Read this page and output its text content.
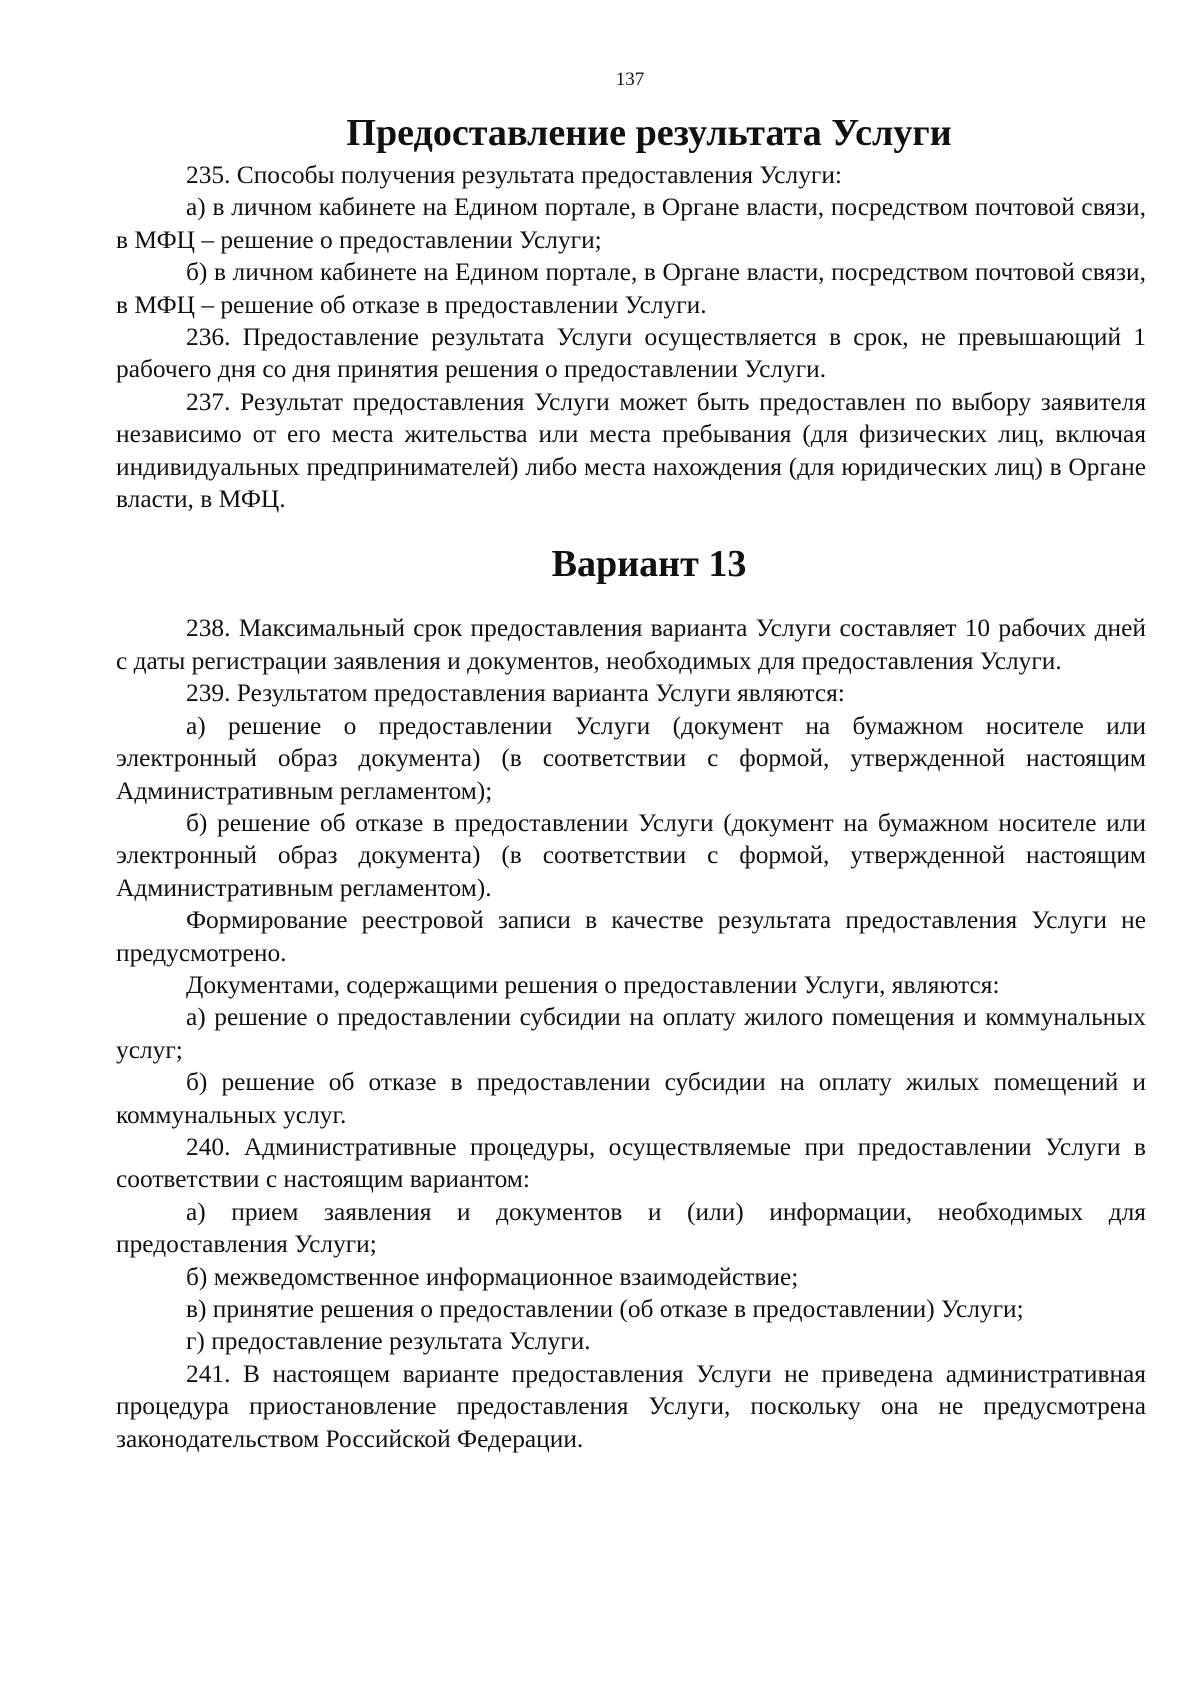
137
Предоставление результата Услуги

235. Способы получения результата предоставления Услуги:

а) в личном кабинете на Едином портале, в Органе власти, посредством почтовой связи, в МФЦ – решение о предоставлении Услуги;

б) в личном кабинете на Едином портале, в Органе власти, посредством почтовой связи, в МФЦ – решение об отказе в предоставлении Услуги.

236. Предоставление результата Услуги осуществляется в срок, не превышающий 1 рабочего дня со дня принятия решения о предоставлении Услуги.

237. Результат предоставления Услуги может быть предоставлен по выбору заявителя независимо от его места жительства или места пребывания (для физических лиц, включая индивидуальных предпринимателей) либо места нахождения (для юридических лиц) в Органе власти, в МФЦ.

Вариант 13

238. Максимальный срок предоставления варианта Услуги составляет 10 рабочих дней с даты регистрации заявления и документов, необходимых для предоставления Услуги.

239. Результатом предоставления варианта Услуги являются:

а) решение о предоставлении Услуги (документ на бумажном носителе или электронный образ документа) (в соответствии с формой, утвержденной настоящим Административным регламентом);

б) решение об отказе в предоставлении Услуги (документ на бумажном носителе или электронный образ документа) (в соответствии с формой, утвержденной настоящим Административным регламентом).

Формирование реестровой записи в качестве результата предоставления Услуги не предусмотрено.

Документами, содержащими решения о предоставлении Услуги, являются:

а) решение о предоставлении субсидии на оплату жилого помещения и коммунальных услуг;

б) решение об отказе в предоставлении субсидии на оплату жилых помещений и коммунальных услуг.

240. Административные процедуры, осуществляемые при предоставлении Услуги в соответствии с настоящим вариантом:

а) прием заявления и документов и (или) информации, необходимых для предоставления Услуги;

б) межведомственное информационное взаимодействие;

в) принятие решения о предоставлении (об отказе в предоставлении) Услуги;

г) предоставление результата Услуги.

241. В настоящем варианте предоставления Услуги не приведена административная процедура приостановление предоставления Услуги, поскольку она не предусмотрена законодательством Российской Федерации.
